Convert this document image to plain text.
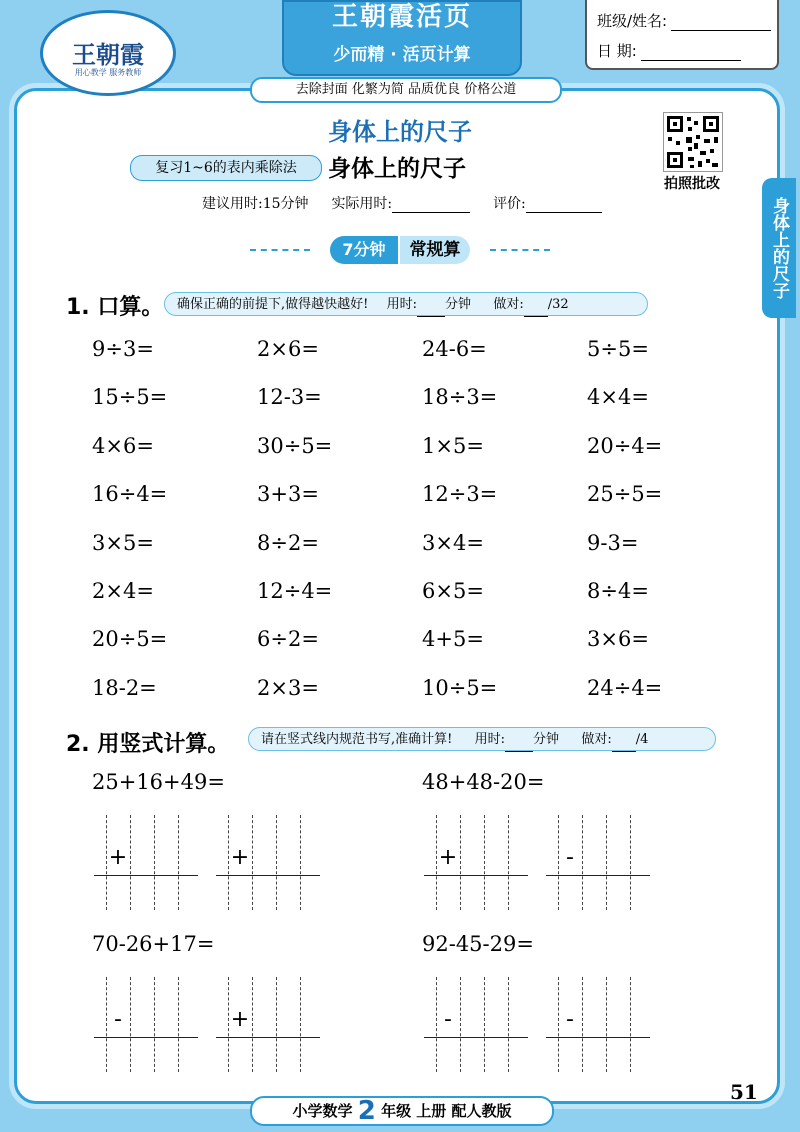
王朝霞
用心教学 服务教师
王朝霞活页
少而精 · 活页计算
去除封面 化繁为简 品质优良 价格公道
班级/姓名:
日 期:
身体上的尺子
拍照批改
复习1~6的表内乘除法	身体上的尺子
建议用时:15分钟 实际用时:	评价:	身体上的尺子
7分钟	常规算
1. 口算。	确保正确的前提下,做得越快越好! 用时: 分钟 做对: /32
9÷3=	2×6=	24-6=	5÷5=
15÷5=	12-3=	18÷3=	4×4=
4×6=	30÷5=	1×5=	20÷4=
16÷4=	3+3=	12÷3=	25÷5=
3×5=	8÷2=	3×4=	9-3=
2×4=	12÷4=	6×5=	8÷4=
20÷5=	6÷2=	4+5=	3×6=
18-2=	2×3=	10÷5=	24÷4=
2. 用竖式计算。	请在竖式线内规范书写,准确计算! 用时: 分钟 做对: /4
25+16+49=	48+48-20=
70-26+17=	92-45-29=
+	+	+	-
-	+	-	-
51
小学数学 2 年级 上册 配人教版
